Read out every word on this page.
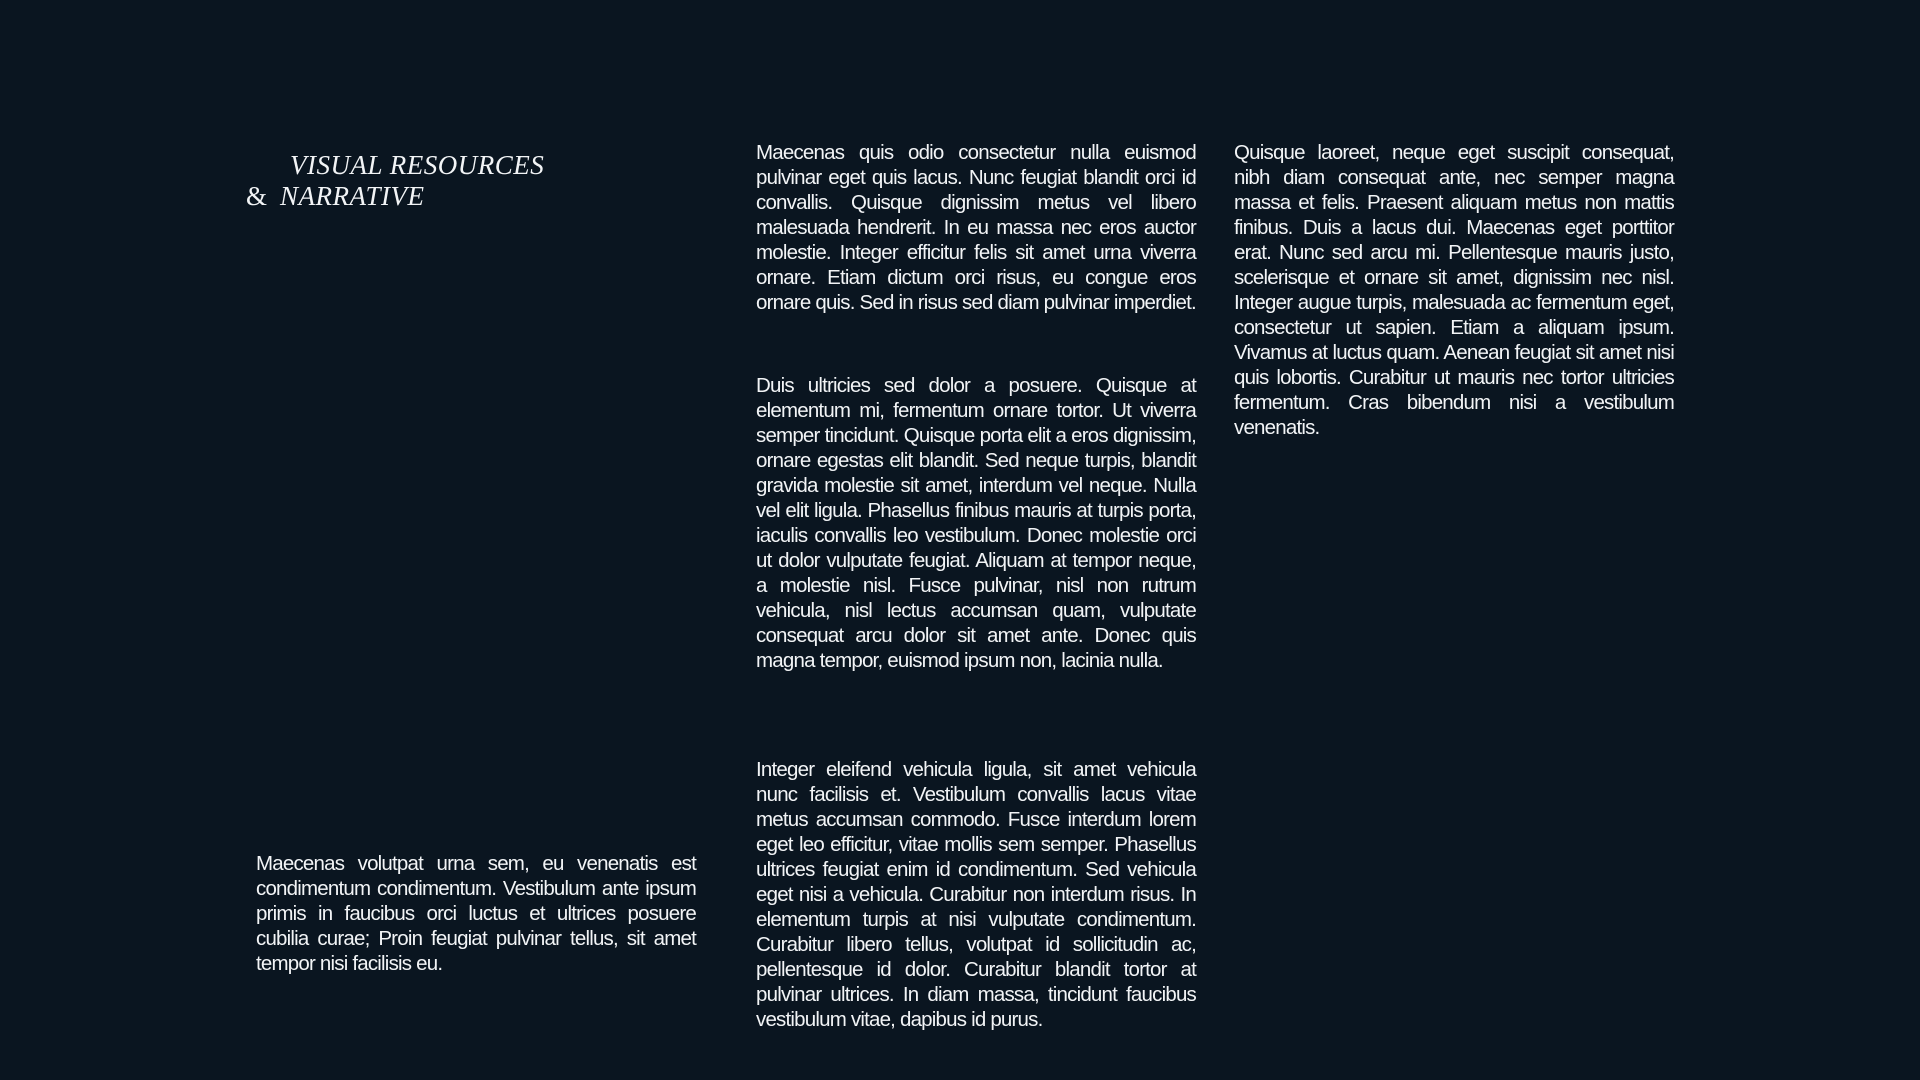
VISUAL RESOURCES
& NARRATIVE

Maecenas volutpat urna sem, eu venenatis est condimentum condimentum. Vestibulum ante ipsum primis in faucibus orci luctus et ultrices posuere cubilia curae; Proin feugiat pulvinar tellus, sit amet tempor nisi facilisis eu.

Maecenas quis odio consectetur nulla euismod pulvinar eget quis lacus. Nunc feugiat blandit orci id convallis. Quisque dignissim metus vel libero malesuada hendrerit. In eu massa nec eros auctor molestie. Integer efficitur felis sit amet urna viverra ornare. Etiam dictum orci risus, eu congue eros ornare quis. Sed in risus sed diam pulvinar imperdiet.

Duis ultricies sed dolor a posuere. Quisque at elementum mi, fermentum ornare tortor. Ut viverra semper tincidunt. Quisque porta elit a eros dignissim, ornare egestas elit blandit. Sed neque turpis, blandit gravida molestie sit amet, interdum vel neque. Nulla vel elit ligula. Phasellus finibus mauris at turpis porta, iaculis convallis leo vestibulum. Donec molestie orci ut dolor vulputate feugiat. Aliquam at tempor neque, a molestie nisl. Fusce pulvinar, nisl non rutrum vehicula, nisl lectus accumsan quam, vulputate consequat arcu dolor sit amet ante. Donec quis magna tempor, euismod ipsum non, lacinia nulla.

Integer eleifend vehicula ligula, sit amet vehicula nunc facilisis et. Vestibulum convallis lacus vitae metus accumsan commodo. Fusce interdum lorem eget leo efficitur, vitae mollis sem semper. Phasellus ultrices feugiat enim id condimentum. Sed vehicula eget nisi a vehicula. Curabitur non interdum risus. In elementum turpis at nisi vulputate condimentum. Curabitur libero tellus, volutpat id sollicitudin ac, pellentesque id dolor. Curabitur blandit tortor at pulvinar ultrices. In diam massa, tincidunt faucibus vestibulum vitae, dapibus id purus.

Quisque laoreet, neque eget suscipit consequat, nibh diam consequat ante, nec semper magna massa et felis. Praesent aliquam metus non mattis finibus. Duis a lacus dui. Maecenas eget porttitor erat. Nunc sed arcu mi. Pellentesque mauris justo, scelerisque et ornare sit amet, dignissim nec nisl. Integer augue turpis, malesuada ac fermentum eget, consectetur ut sapien. Etiam a aliquam ipsum. Vivamus at luctus quam. Aenean feugiat sit amet nisi quis lobortis. Curabitur ut mauris nec tortor ultricies fermentum. Cras bibendum nisi a vestibulum venenatis.
